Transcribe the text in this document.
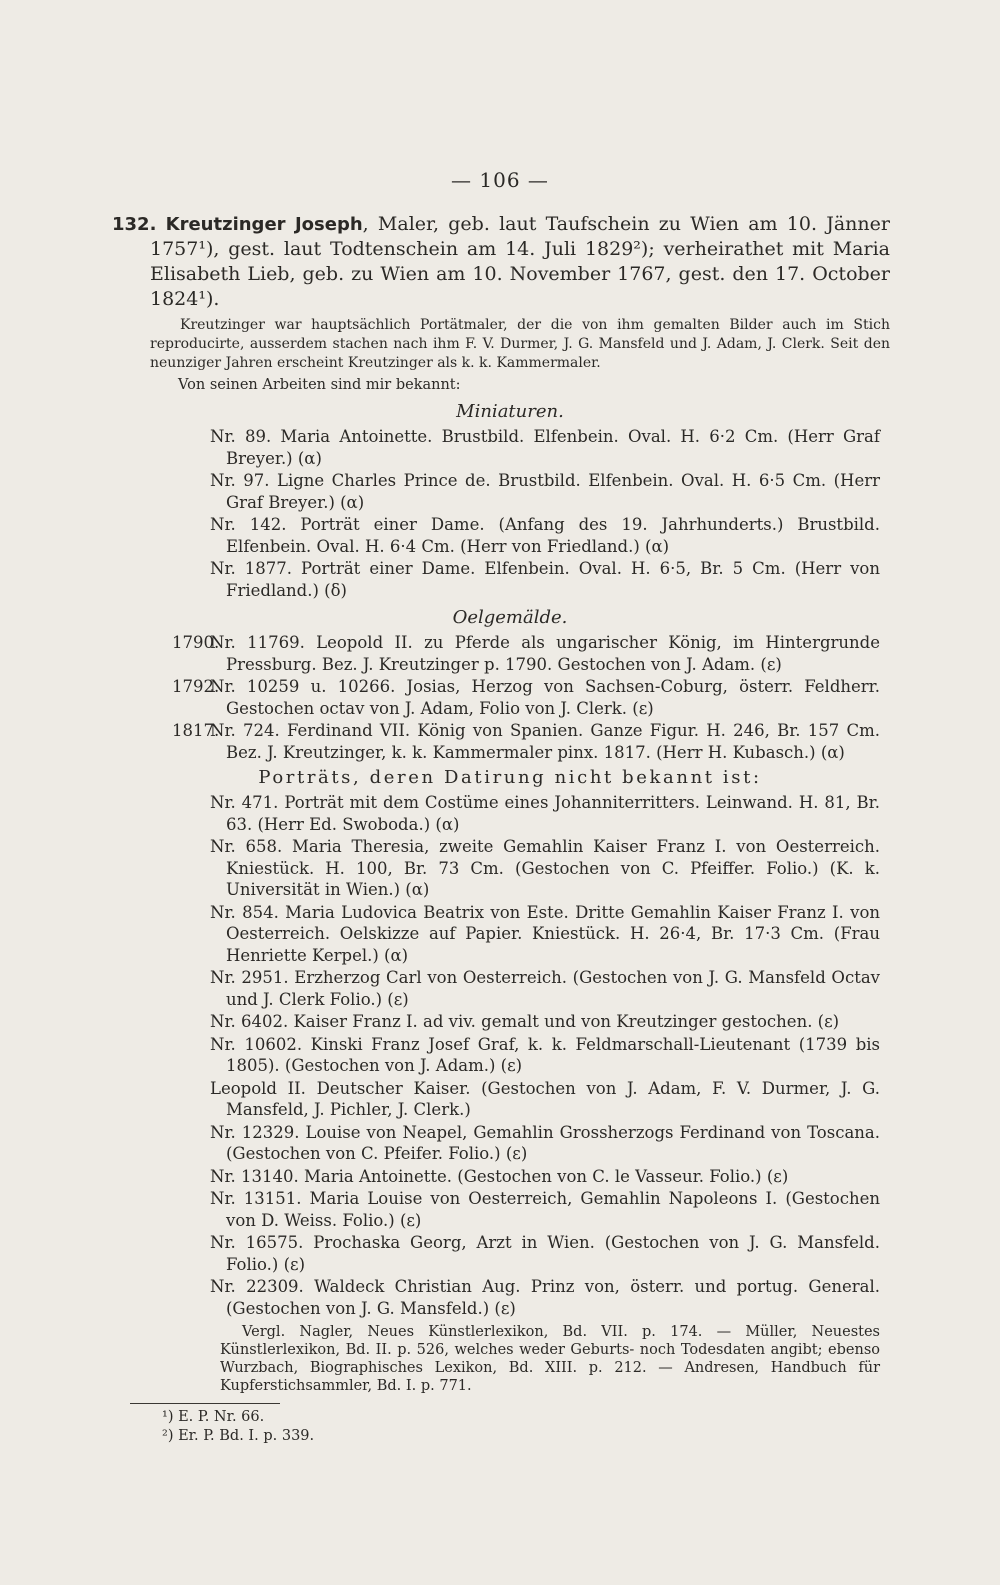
— 106 —

132. Kreutzinger Joseph, Maler, geb. laut Taufschein zu Wien am 10. Jänner 1757¹), gest. laut Todtenschein am 14. Juli 1829²); verheirathet mit Maria Elisabeth Lieb, geb. zu Wien am 10. November 1767, gest. den 17. October 1824¹).

Kreutzinger war hauptsächlich Portätmaler, der die von ihm gemalten Bilder auch im Stich reproducirte, ausserdem stachen nach ihm F. V. Durmer, J. G. Mansfeld und J. Adam, J. Clerk. Seit den neunziger Jahren erscheint Kreutzinger als k. k. Kammermaler.

Von seinen Arbeiten sind mir bekannt:

Miniaturen.
Nr. 89. Maria Antoinette. Brustbild. Elfenbein. Oval. H. 6·2 Cm. (Herr Graf Breyer.) (α)
Nr. 97. Ligne Charles Prince de. Brustbild. Elfenbein. Oval. H. 6·5 Cm. (Herr Graf Breyer.) (α)
Nr. 142. Porträt einer Dame. (Anfang des 19. Jahrhunderts.) Brustbild. Elfenbein. Oval. H. 6·4 Cm. (Herr von Friedland.) (α)
Nr. 1877. Porträt einer Dame. Elfenbein. Oval. H. 6·5, Br. 5 Cm. (Herr von Friedland.) (δ)
Oelgemälde.
1790.
Nr. 11769. Leopold II. zu Pferde als ungarischer König, im Hintergrunde Pressburg. Bez. J. Kreutzinger p. 1790. Gestochen von J. Adam. (ε)
1792.
Nr. 10259 u. 10266. Josias, Herzog von Sachsen-Coburg, österr. Feldherr. Gestochen octav von J. Adam, Folio von J. Clerk. (ε)
1817.
Nr. 724. Ferdinand VII. König von Spanien. Ganze Figur. H. 246, Br. 157 Cm. Bez. J. Kreutzinger, k. k. Kammermaler pinx. 1817. (Herr H. Kubasch.) (α)
Porträts, deren Datirung nicht bekannt ist:
Nr. 471. Porträt mit dem Costüme eines Johanniterritters. Leinwand. H. 81, Br. 63. (Herr Ed. Swoboda.) (α)
Nr. 658. Maria Theresia, zweite Gemahlin Kaiser Franz I. von Oesterreich. Kniestück. H. 100, Br. 73 Cm. (Gestochen von C. Pfeiffer. Folio.) (K. k. Universität in Wien.) (α)
Nr. 854. Maria Ludovica Beatrix von Este. Dritte Gemahlin Kaiser Franz I. von Oesterreich. Oelskizze auf Papier. Kniestück. H. 26·4, Br. 17·3 Cm. (Frau Henriette Kerpel.) (α)
Nr. 2951. Erzherzog Carl von Oesterreich. (Gestochen von J. G. Mansfeld Octav und J. Clerk Folio.) (ε)
Nr. 6402. Kaiser Franz I. ad viv. gemalt und von Kreutzinger gestochen. (ε)
Nr. 10602. Kinski Franz Josef Graf, k. k. Feldmarschall-Lieutenant (1739 bis 1805). (Gestochen von J. Adam.) (ε)
Leopold II. Deutscher Kaiser. (Gestochen von J. Adam, F. V. Durmer, J. G. Mansfeld, J. Pichler, J. Clerk.)
Nr. 12329. Louise von Neapel, Gemahlin Grossherzogs Ferdinand von Toscana. (Gestochen von C. Pfeifer. Folio.) (ε)
Nr. 13140. Maria Antoinette. (Gestochen von C. le Vasseur. Folio.) (ε)
Nr. 13151. Maria Louise von Oesterreich, Gemahlin Napoleons I. (Gestochen von D. Weiss. Folio.) (ε)
Nr. 16575. Prochaska Georg, Arzt in Wien. (Gestochen von J. G. Mansfeld. Folio.) (ε)
Nr. 22309. Waldeck Christian Aug. Prinz von, österr. und portug. General. (Gestochen von J. G. Mansfeld.) (ε)

Vergl. Nagler, Neues Künstlerlexikon, Bd. VII. p. 174. — Müller, Neuestes Künstlerlexikon, Bd. II. p. 526, welches weder Geburts- noch Todesdaten angibt; ebenso Wurzbach, Biographisches Lexikon, Bd. XIII. p. 212. — Andresen, Handbuch für Kupferstichsammler, Bd. I. p. 771.

¹) E. P. Nr. 66.

²) Er. P. Bd. I. p. 339.
